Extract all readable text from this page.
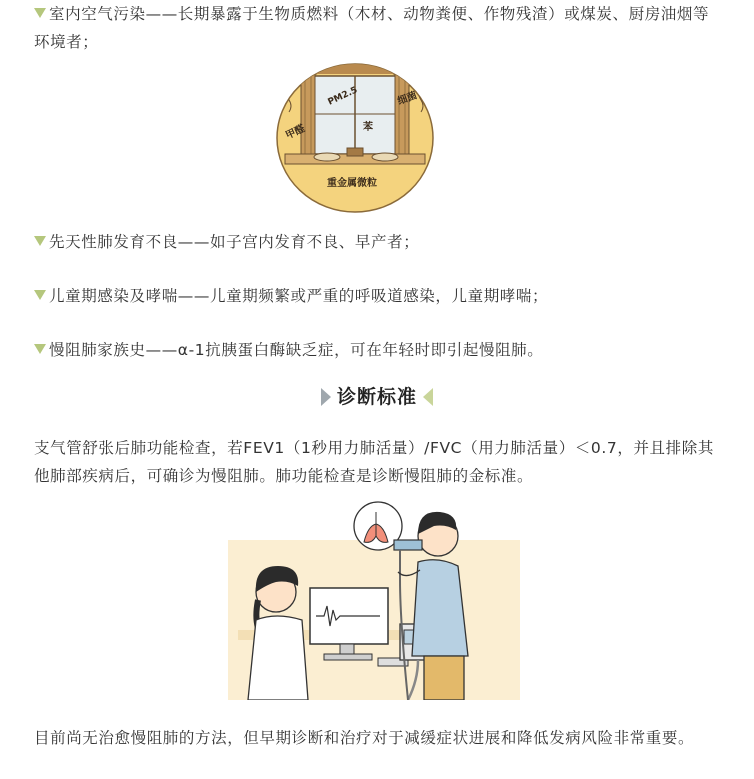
室内空气污染——长期暴露于生物质燃料（木材、动物粪便、作物残渣）或煤炭、厨房油烟等环境者；

甲醛
PM2.5	细菌
苯
重金属微粒

先天性肺发育不良——如子宫内发育不良、早产者；

儿童期感染及哮喘——儿童期频繁或严重的呼吸道感染，儿童期哮喘；

慢阻肺家族史——α-1抗胰蛋白酶缺乏症，可在年轻时即引起慢阻肺。

诊断标准

支气管舒张后肺功能检查，若FEV1（1秒用力肺活量）/FVC（用力肺活量）＜0.7，并且排除其他肺部疾病后，可确诊为慢阻肺。肺功能检查是诊断慢阻肺的金标准。

目前尚无治愈慢阻肺的方法，但早期诊断和治疗对于减缓症状进展和降低发病风险非常重要。
